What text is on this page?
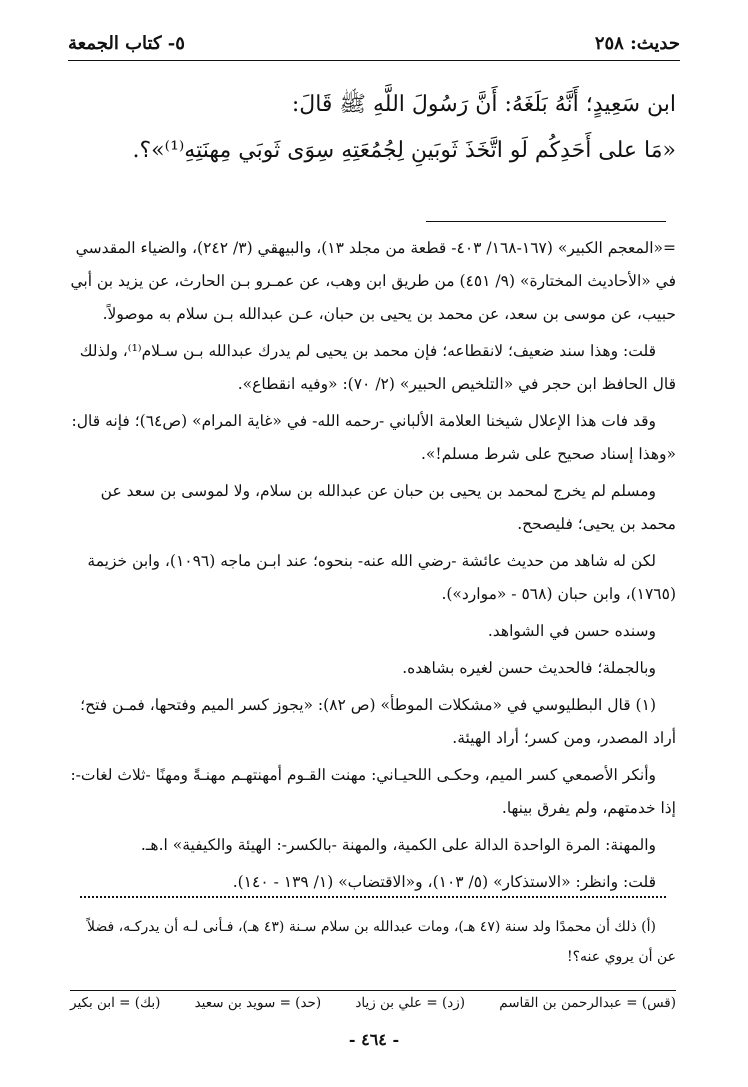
حديث: ٢٥٨
٥- كتاب الجمعة

ابن سَعِيدٍ؛ أَنَّهُ بَلَغَهُ: أَنَّ رَسُولَ اللَّهِ ﷺ قَالَ:

«مَا على أَحَدِكُم لَو اتَّخَذَ ثَوبَينِ لِجُمُعَتِهِ سِوَى ثَوبَي مِهنَتِهِ⁽¹⁾»؟.

=«المعجم الكبير» (١٦٧-١٦٨/ ٤٠٣- قطعة من مجلد ١٣)، والبيهقي (٣/ ٢٤٢)، والضياء المقدسي في «الأحاديث المختارة» (٩/ ٤٥١) من طريق ابن وهب، عن عمـرو بـن الحارث، عن يزيد بن أبي حبيب، عن موسى بن سعد، عن محمد بن يحيى بن حبان، عـن عبدالله بـن سلام به موصولاً.

قلت: وهذا سند ضعيف؛ لانقطاعه؛ فإن محمد بن يحيى لم يدرك عبدالله بـن سـلام⁽¹⁾، ولذلك قال الحافظ ابن حجر في «التلخيص الحبير» (٢/ ٧٠): «وفيه انقطاع».

وقد فات هذا الإعلال شيخنا العلامة الألباني -رحمه الله- في «غاية المرام» (ص٦٤)؛ فإنه قال: «وهذا إسناد صحيح على شرط مسلم!».

ومسلم لم يخرج لمحمد بن يحيى بن حبان عن عبدالله بن سلام، ولا لموسى بن سعد عن محمد بن يحيى؛ فليصحح.

لكن له شاهد من حديث عائشة -رضي الله عنه- بنحوه؛ عند ابـن ماجه (١٠٩٦)، وابن خزيمة (١٧٦٥)، وابن حبان (٥٦٨ - «موارد»).

وسنده حسن في الشواهد.

وبالجملة؛ فالحديث حسن لغيره بشاهده.

(١) قال البطليوسي في «مشكلات الموطأ» (ص ٨٢): «يجوز كسر الميم وفتحها، فمـن فتح؛ أراد المصدر، ومن كسر؛ أراد الهيئة.

وأنكر الأصمعي كسر الميم، وحكـى اللحيـاني: مهنت القـوم أمهنتهـم مهنـةً ومهنًا -ثلاث لغات-: إذا خدمتهم، ولم يفرق بينها.

والمهنة: المرة الواحدة الدالة على الكمية، والمهنة -بالكسر-: الهيئة والكيفية» ا.هـ.

قلت: وانظر: «الاستذكار» (٥/ ١٠٣)، و«الاقتضاب» (١/ ١٣٩ - ١٤٠).

(أ) ذلك أن محمدًا ولد سنة (٤٧ هـ)، ومات عبدالله بن سلام سـنة (٤٣ هـ)، فـأنى لـه أن يدركـه، فضلاً عن أن يروي عنه؟!

(قس) = عبدالرحمن بن القاسم
(زد) = علي بن زياد
(حد) = سويد بن سعيد
(بك) = ابن بكير
- ٤٦٤ -
